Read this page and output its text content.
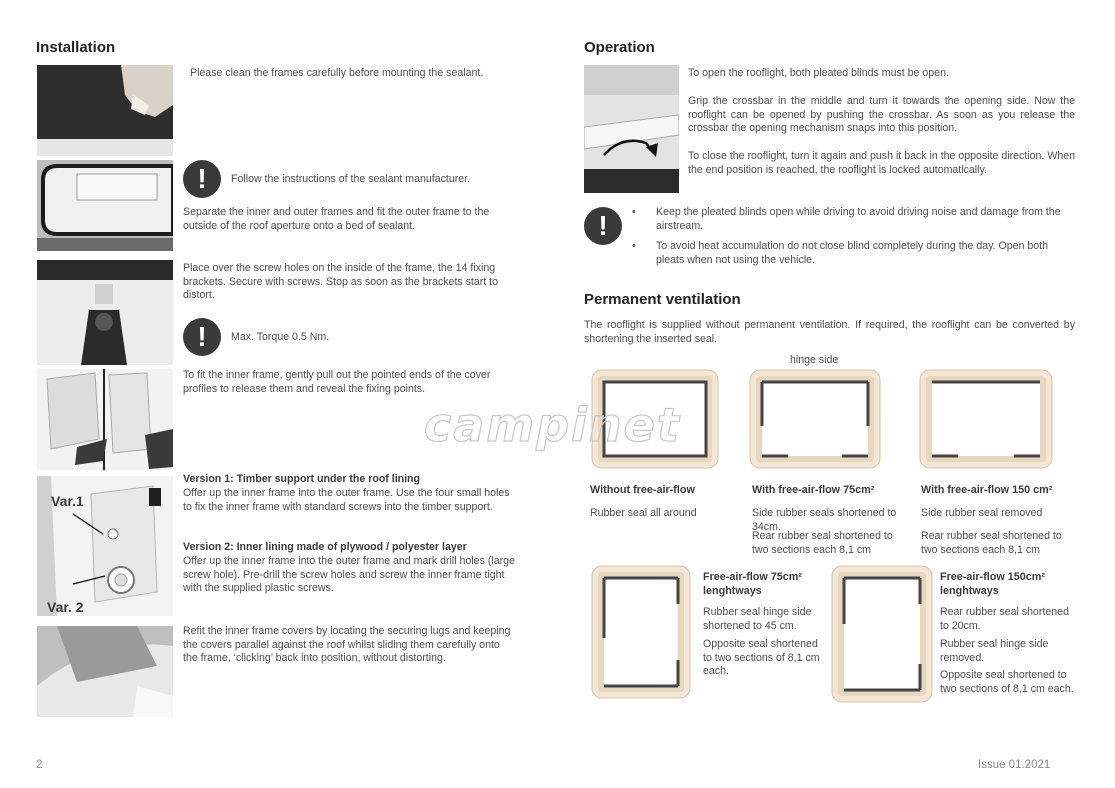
Installation
Please clean the frames carefully before mounting the sealant.
!	Follow the instructions of the sealant manufacturer.
Separate the inner and outer frames and fit the outer frame to the outside of the roof aperture onto a bed of sealant.
Place over the screw holes on the inside of the frame, the 14 fixing brackets. Secure with screws. Stop as soon as the brackets start to distort.
!	Max. Torque 0.5 Nm.
To fit the inner frame, gently pull out the pointed ends of the cover profiles to release them and reveal the fixing points.
Var.1
Var. 2
Version 1: Timber support under the roof lining
Offer up the inner frame into the outer frame. Use the four small holes to fix the inner frame with standard screws into the timber support.
Version 2: Inner lining made of plywood / polyester layer
Offer up the inner frame into the outer frame and mark drill holes (large screw hole). Pre-drill the screw holes and screw the inner frame tight with the supplied plastic screws.
Refit the inner frame covers by locating the securing lugs and keeping the covers parallel against the roof whilst sliding them carefully onto the frame, ‘clicking’ back into position, without distorting.
Operation
To open the rooflight, both pleated blinds must be open.
Grip the crossbar in the middle and turn it towards the opening side. Now the rooflight can be opened by pushing the crossbar. As soon as you release the crossbar the opening mechanism snaps into this position.
To close the rooflight, turn it again and push it back in the opposite direction. When the end position is reached, the rooflight is locked automatically.
!
•	Keep the pleated blinds open while driving to avoid driving noise and damage from the airstream.
• To avoid heat accumulation do not close blind completely during the day. Open both pleats when not using the vehicle.
Permanent ventilation
The rooflight is supplied without permanent ventilation. If required, the rooflight can be converted by shortening the inserted seal.
hinge side
Without free-air-flow
Rubber seal all around
With free-air-flow 75cm²
Side rubber seals shortened to 34cm.
Rear rubber seal shortened to two sections each 8,1 cm
With free-air-flow 150 cm²
Side rubber seal removed
Rear rubber seal shortened to two sections each 8,1 cm
Free-air-flow 75cm² lenghtways
Rubber seal hinge side shortened to 45 cm.
Opposite seal shortened to two sections of 8,1 cm each.
Free-air-flow 150cm² lenghtways
Rear rubber seal shortened to 20cm.
Rubber seal hinge side removed.
Opposite seal shortened to two sections of 8,1 cm each.
campinet
2	Issue 01.2021
